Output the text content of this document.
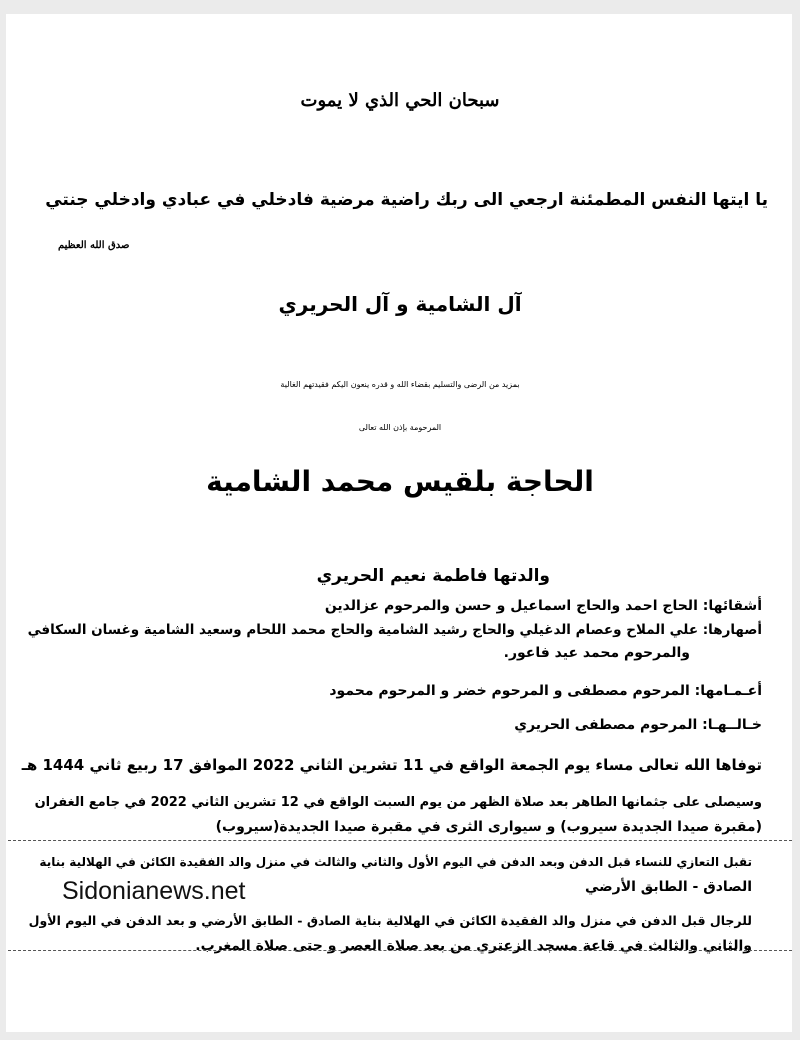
سبحان الحي الذي لا يموت
يا ايتها النفس المطمئنة ارجعي الى ربك راضية مرضية فادخلي في عبادي وادخلي جنتي
صدق الله العظيم
آل الشامية و آل الحريري
بمزيد من الرضى والتسليم بقضاء الله و قدره ينعون اليكم فقيدتهم الغالية
المرحومة بإذن الله تعالى
الحاجة بلقيس محمد الشامية
والدتها فاطمة نعيم الحريري
أشقائها: الحاج احمد والحاج اسماعيل و حسن والمرحوم عزالدين
أصهارها: علي الملاح وعصام الدغيلي والحاج رشيد الشامية والحاج محمد اللحام وسعيد الشامية وغسان السكافي
والمرحوم محمد عيد فاعور.
أعـمـامها: المرحوم مصطفى و المرحوم خضر و المرحوم محمود
خـالــهـا: المرحوم مصطفى الحريري
توفاها الله تعالى مساء يوم الجمعة الواقع في 11 تشرين الثاني 2022 الموافق 17 ربيع ثاني 1444 هـ
وسيصلى على جثمانها الطاهر بعد صلاة الظهر من يوم السبت الواقع في 12 تشرين الثاني 2022 في جامع الغفران
(مقبرة صيدا الجديدة سيروب) و سيوارى الثرى في مقبرة صيدا الجديدة(سيروب)
تقبل التعازي للنساء قبل الدفن وبعد الدفن في اليوم الأول والثاني والثالث في منزل والد الفقيدة الكائن في الهلالية بناية
الصادق - الطابق الأرضي
للرجال قبل الدفن في منزل والد الفقيدة الكائن في الهلالية بناية الصادق - الطابق الأرضي و بعد الدفن في اليوم الأول
والثاني والثالث في قاعة مسجد الزعتري من بعد صلاة العصر و حتى صلاة المغرب.
Sidonianews.net
